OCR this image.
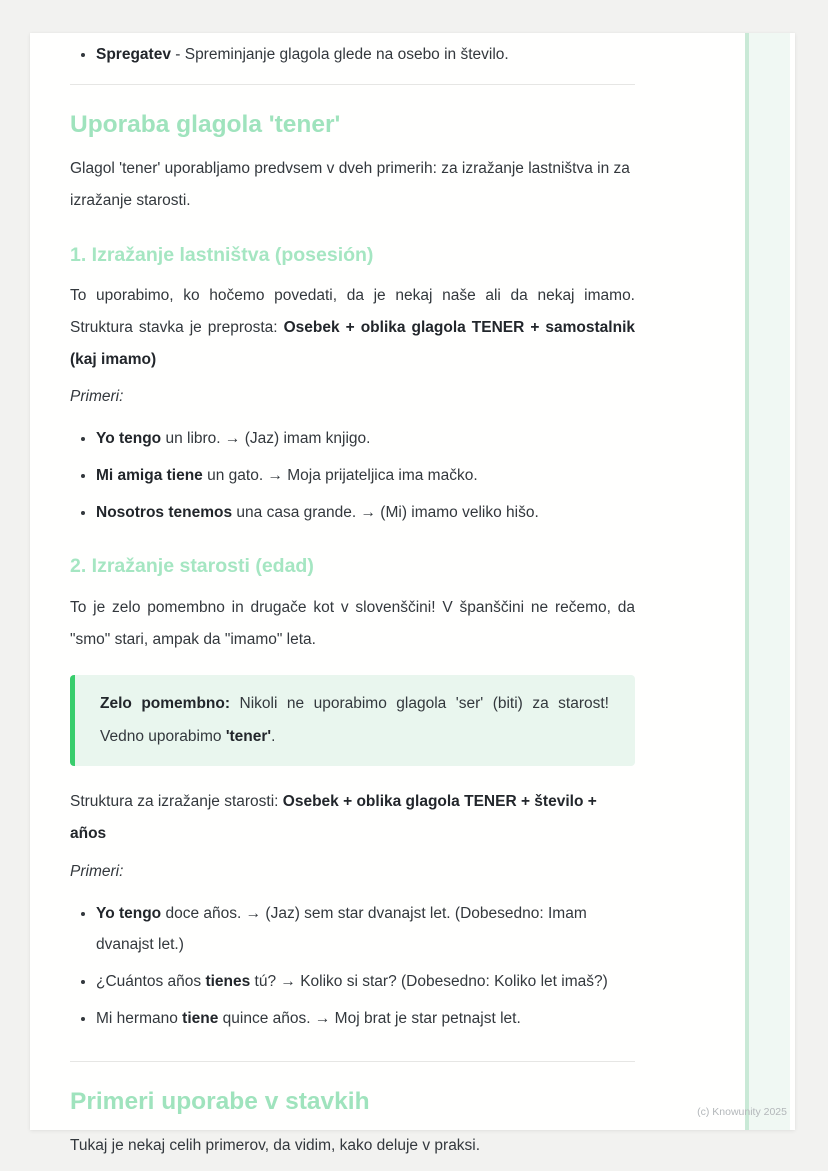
• Spregatev - Spreminjanje glagola glede na osebo in število.
Uporaba glagola 'tener'

Glagol 'tener' uporabljamo predvsem v dveh primerih: za izražanje lastništva in za izražanje starosti.

1. Izražanje lastništva (posesión)

To uporabimo, ko hočemo povedati, da je nekaj naše ali da nekaj imamo. Struktura stavka je preprosta: Osebek + oblika glagola TENER + samostalnik (kaj imamo)

Primeri:

• Yo tengo un libro. → (Jaz) imam knjigo.
• Mi amiga tiene un gato. → Moja prijateljica ima mačko.
• Nosotros tenemos una casa grande. → (Mi) imamo veliko hišo.
2. Izražanje starosti (edad)

To je zelo pomembno in drugače kot v slovenščini! V španščini ne rečemo, da "smo" stari, ampak da "imamo" leta.

Zelo pomembno: Nikoli ne uporabimo glagola 'ser' (biti) za starost! Vedno uporabimo 'tener'.

Struktura za izražanje starosti: Osebek + oblika glagola TENER + število + años

Primeri:

• Yo tengo doce años. → (Jaz) sem star dvanajst let. (Dobesedno: Imam dvanajst let.)
• ¿Cuántos años tienes tú? → Koliko si star? (Dobesedno: Koliko let imaš?)
• Mi hermano tiene quince años. → Moj brat je star petnajst let.
Primeri uporabe v stavkih

Tukaj je nekaj celih primerov, da vidim, kako deluje v praksi.

(c) Knowunity 2025
